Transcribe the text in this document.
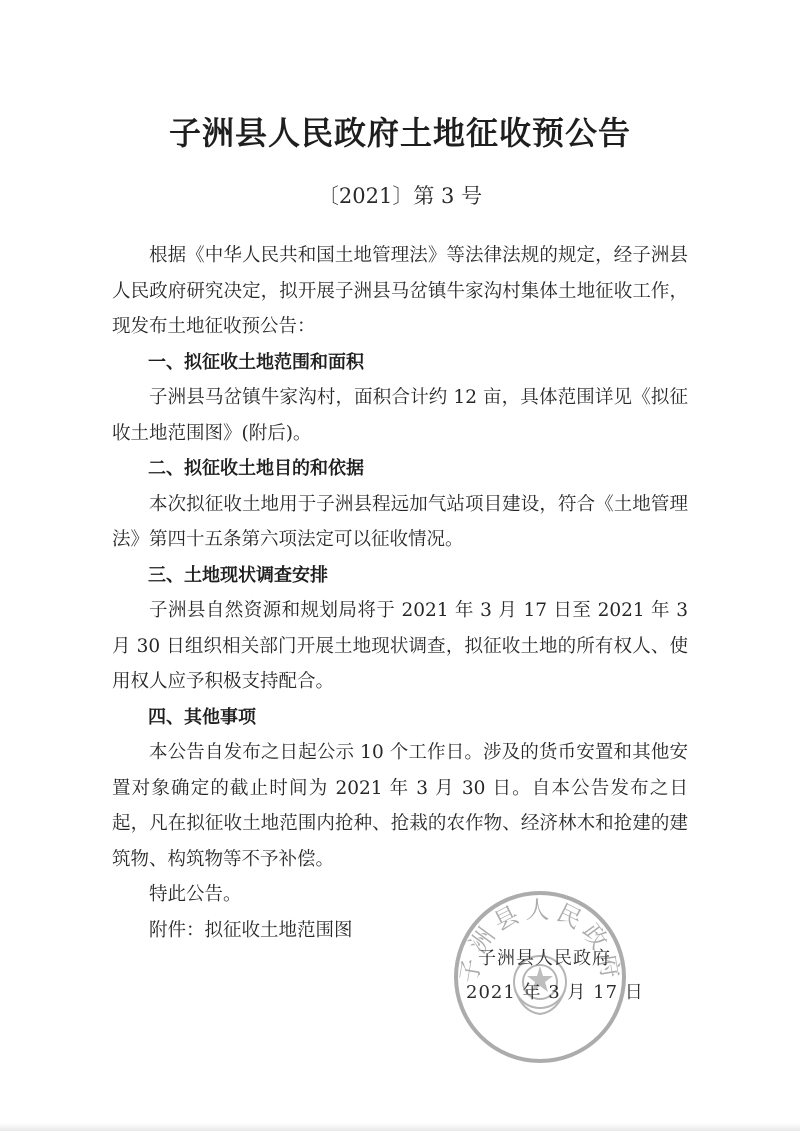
子洲县人民政府土地征收预公告
〔2021〕第 3 号

根据《中华人民共和国土地管理法》等法律法规的规定，经子洲县人民政府研究决定，拟开展子洲县马岔镇牛家沟村集体土地征收工作，现发布土地征收预公告：

一、拟征收土地范围和面积

子洲县马岔镇牛家沟村，面积合计约 12 亩，具体范围详见《拟征收土地范围图》(附后)。

二、拟征收土地目的和依据

本次拟征收土地用于子洲县程远加气站项目建设，符合《土地管理法》第四十五条第六项法定可以征收情况。

三、土地现状调查安排

子洲县自然资源和规划局将于 2021 年 3 月 17 日至 2021 年 3 月 30 日组织相关部门开展土地现状调查，拟征收土地的所有权人、使用权人应予积极支持配合。

四、其他事项

本公告自发布之日起公示 10 个工作日。涉及的货币安置和其他安置对象确定的截止时间为 2021 年 3 月 30 日。自本公告发布之日起，凡在拟征收土地范围内抢种、抢栽的农作物、经济林木和抢建的建筑物、构筑物等不予补偿。

特此公告。

附件：拟征收土地范围图

子洲县人民政府
子洲县人民政府
2021 年 3 月 17 日
